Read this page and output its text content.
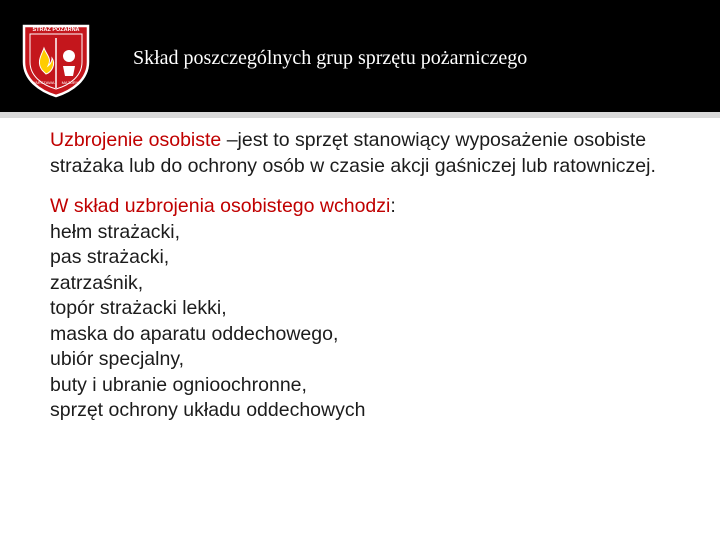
STRAŻ POŻARNA
WARSZAWA MAZURY
Skład poszczególnych grup sprzętu pożarniczego

Uzbrojenie osobiste –jest to sprzęt stanowiący wyposażenie osobiste strażaka lub do ochrony osób w czasie akcji gaśniczej lub ratowniczej.

W skład uzbrojenia osobistego wchodzi:
hełm strażacki,
pas strażacki,
zatrzaśnik,
topór strażacki lekki,
maska do aparatu oddechowego,
ubiór specjalny,
buty i ubranie ognioochronne,
sprzęt ochrony układu oddechowych
